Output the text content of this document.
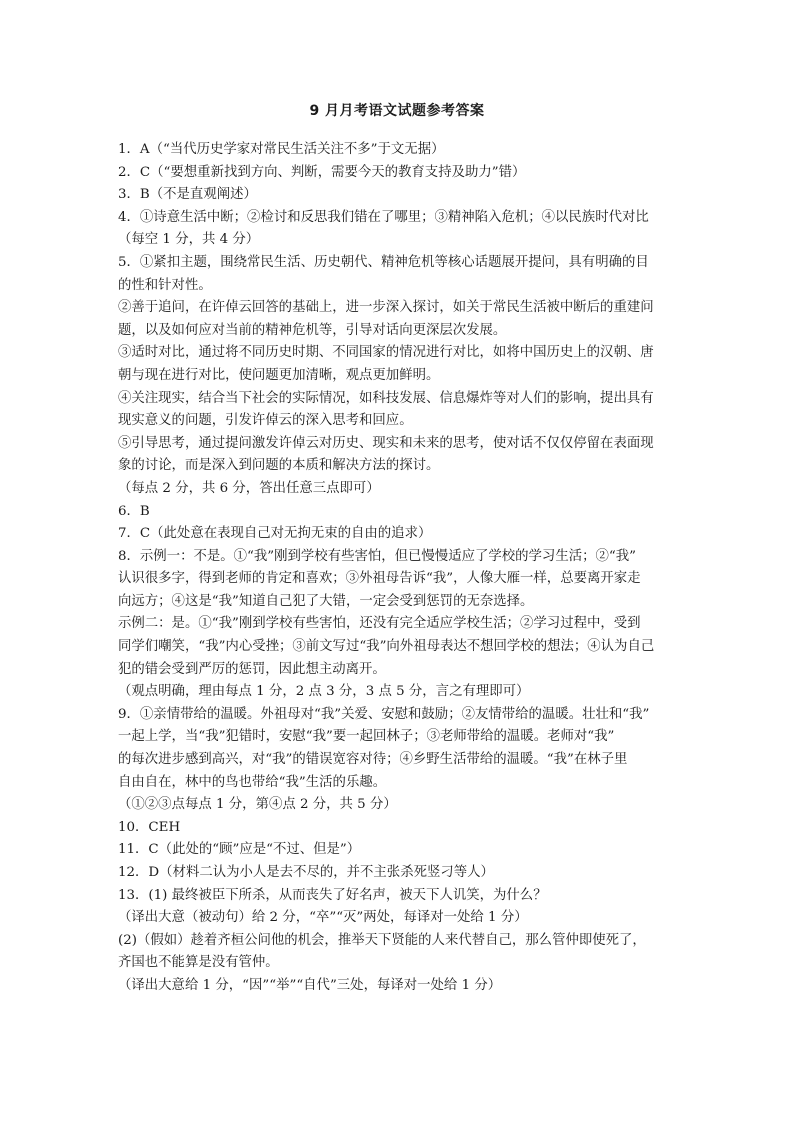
9 月月考语文试题参考答案
1．A（“当代历史学家对常民生活关注不多”于文无据）
2．C（“要想重新找到方向、判断，需要今天的教育支持及助力”错）
3．B（不是直观阐述）
4．①诗意生活中断；②检讨和反思我们错在了哪里；③精神陷入危机；④以民族时代对比
（每空 1 分，共 4 分）
5．①紧扣主题，围绕常民生活、历史朝代、精神危机等核心话题展开提问，具有明确的目
的性和针对性。
②善于追问，在许倬云回答的基础上，进一步深入探讨，如关于常民生活被中断后的重建问
题，以及如何应对当前的精神危机等，引导对话向更深层次发展。
③适时对比，通过将不同历史时期、不同国家的情况进行对比，如将中国历史上的汉朝、唐
朝与现在进行对比，使问题更加清晰，观点更加鲜明。
④关注现实，结合当下社会的实际情况，如科技发展、信息爆炸等对人们的影响，提出具有
现实意义的问题，引发许倬云的深入思考和回应。
⑤引导思考，通过提问激发许倬云对历史、现实和未来的思考，使对话不仅仅停留在表面现
象的讨论，而是深入到问题的本质和解决方法的探讨。
（每点 2 分，共 6 分，答出任意三点即可）
6．B
7．C（此处意在表现自己对无拘无束的自由的追求）
8．示例一：不是。①“我”刚到学校有些害怕，但已慢慢适应了学校的学习生活；②“我”
认识很多字，得到老师的肯定和喜欢；③外祖母告诉“我”，人像大雁一样，总要离开家走
向远方；④这是“我”知道自己犯了大错，一定会受到惩罚的无奈选择。
示例二：是。①“我”刚到学校有些害怕，还没有完全适应学校生活；②学习过程中，受到
同学们嘲笑，“我”内心受挫；③前文写过“我”向外祖母表达不想回学校的想法；④认为自己
犯的错会受到严厉的惩罚，因此想主动离开。
（观点明确，理由每点 1 分，2 点 3 分，3 点 5 分，言之有理即可）
9．①亲情带给的温暖。外祖母对“我”关爱、安慰和鼓励；②友情带给的温暖。壮壮和“我”
一起上学，当“我”犯错时，安慰“我”要一起回林子；③老师带给的温暖。老师对“我”
的每次进步感到高兴，对“我”的错误宽容对待；④乡野生活带给的温暖。“我”在林子里
自由自在，林中的鸟也带给“我”生活的乐趣。
（①②③点每点 1 分，第④点 2 分，共 5 分）
10．CEH
11．C（此处的“顾”应是“不过、但是”）
12．D（材料二认为小人是去不尽的，并不主张杀死竖刁等人）
13．(1) 最终被臣下所杀，从而丧失了好名声，被天下人讥笑，为什么？
（译出大意（被动句）给 2 分，“卒”“灭”两处，每译对一处给 1 分）
(2)（假如）趁着齐桓公问他的机会，推举天下贤能的人来代替自己，那么管仲即使死了，
齐国也不能算是没有管仲。
（译出大意给 1 分，“因”“举”“自代”三处，每译对一处给 1 分）
